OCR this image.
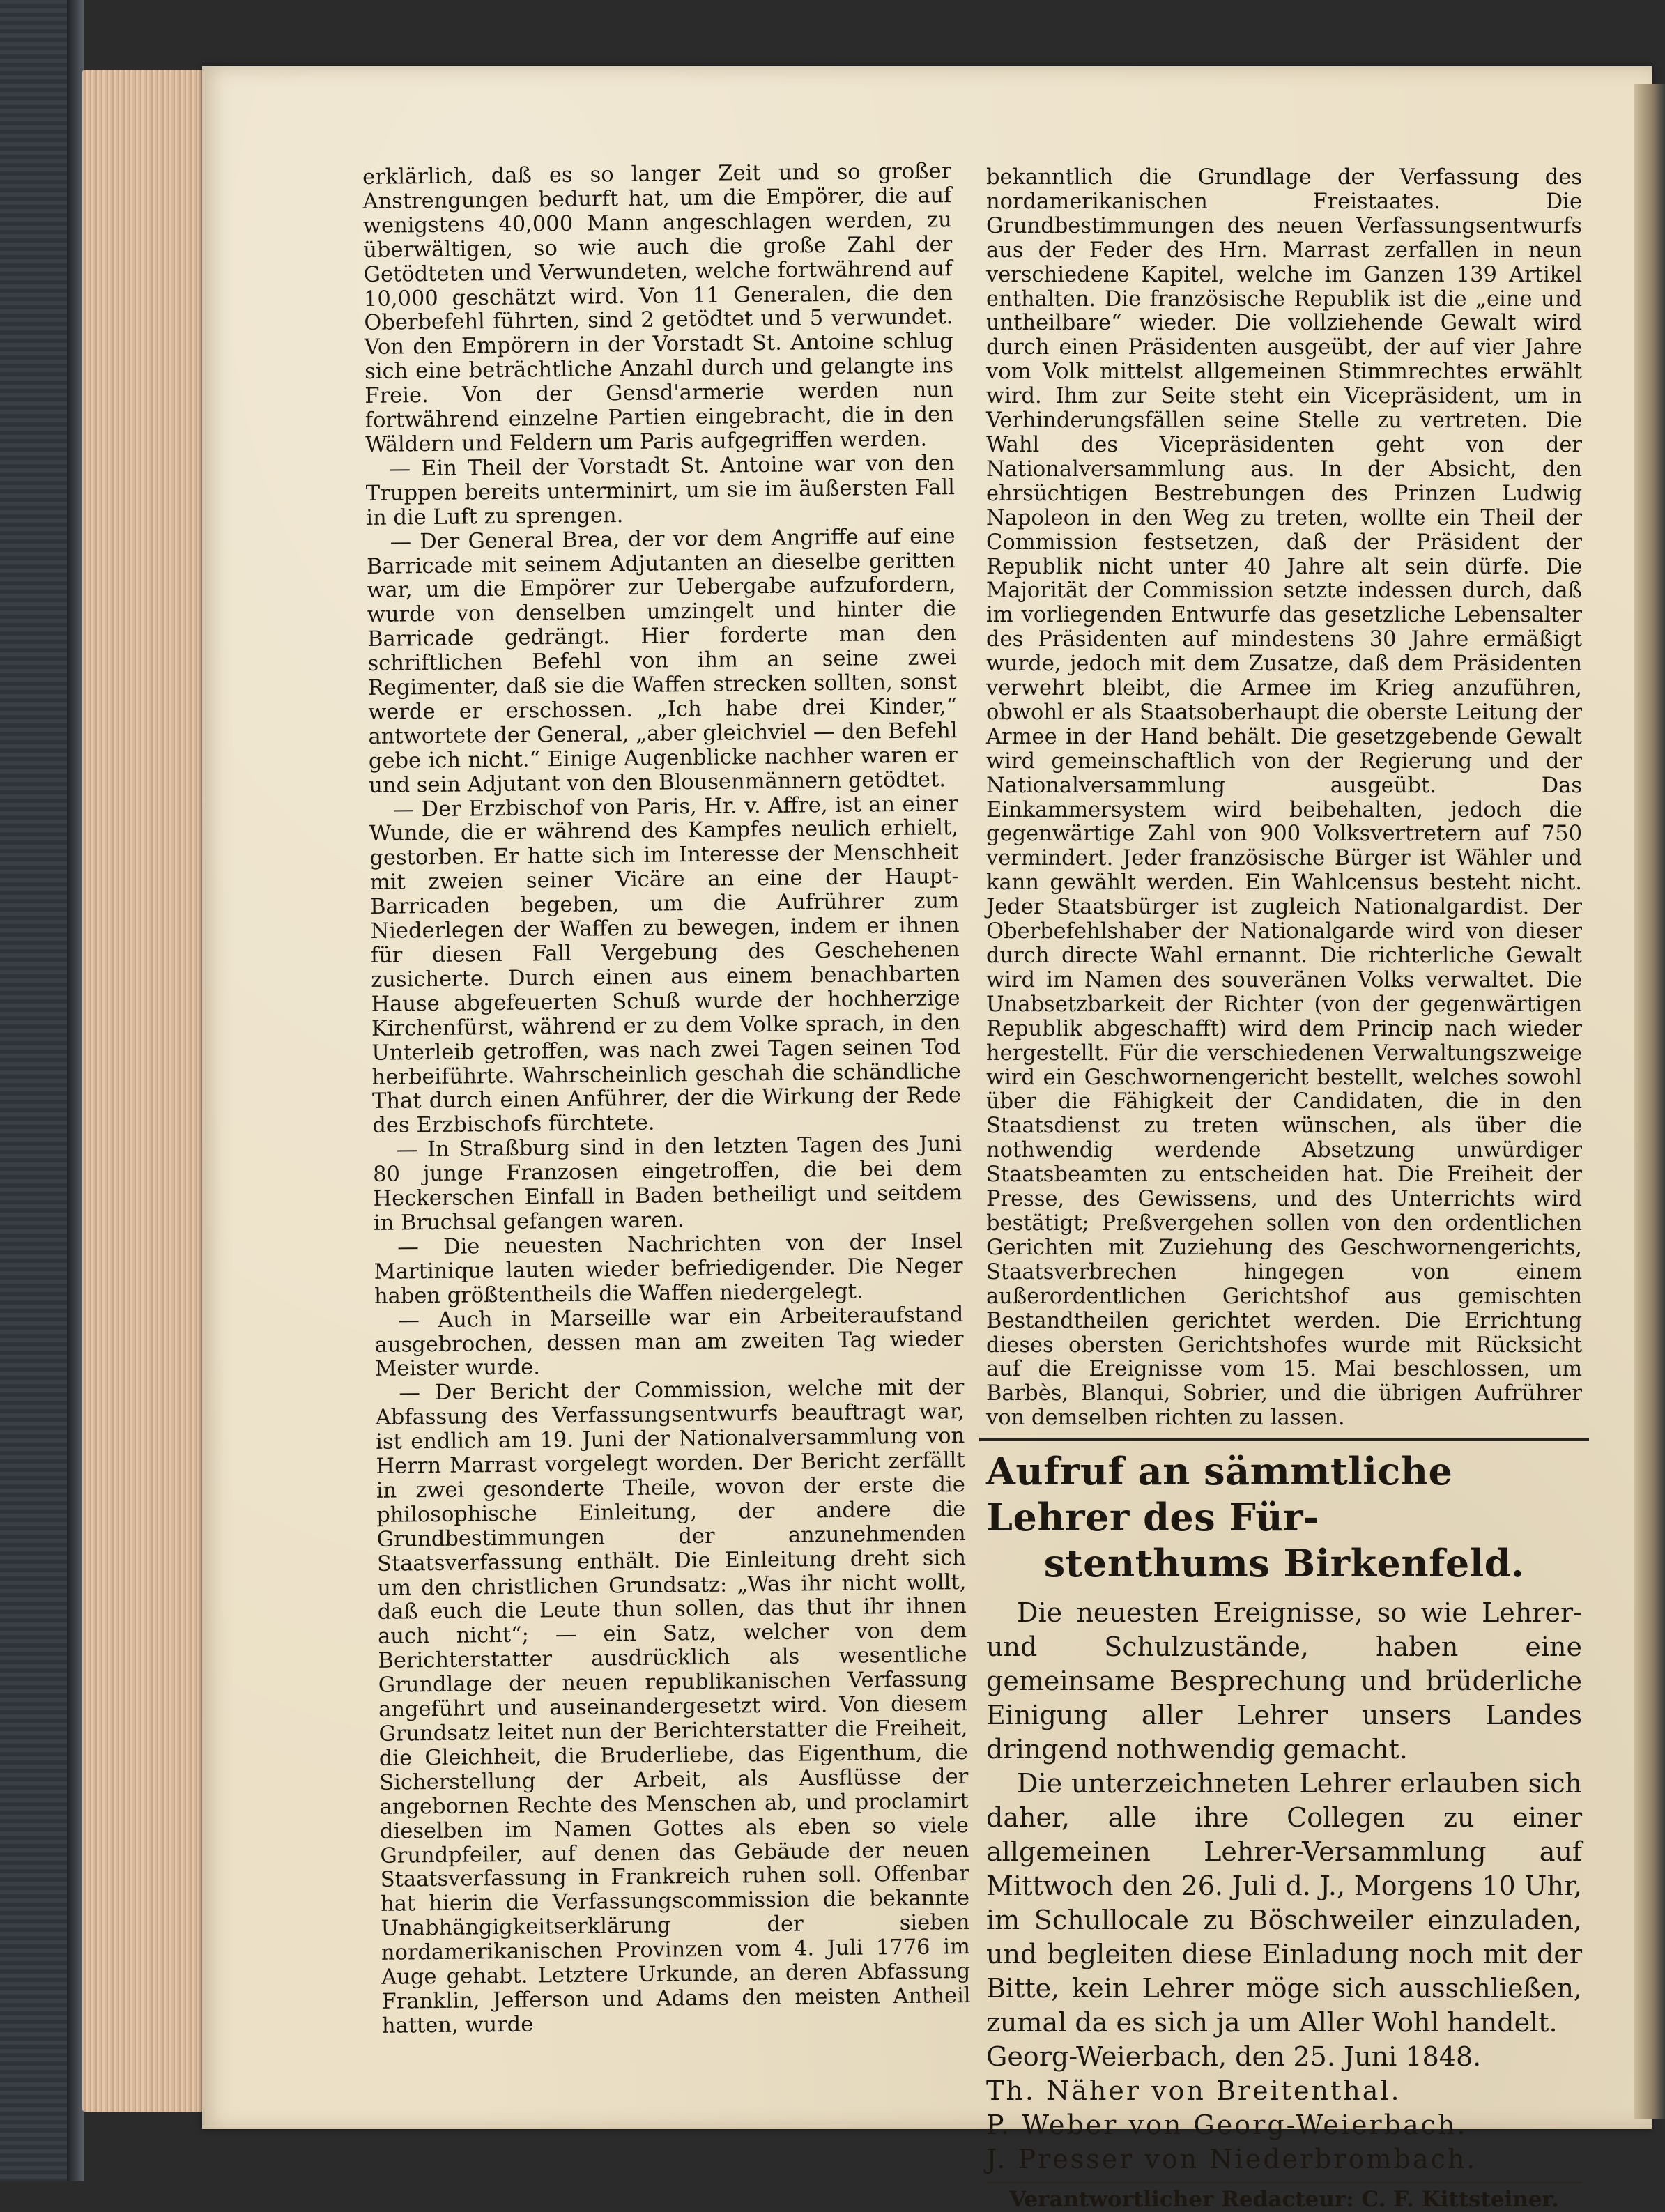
erklärlich, daß es so langer Zeit und so großer Anstrengungen bedurft hat, um die Empörer, die auf wenigstens 40,000 Mann angeschlagen werden, zu überwältigen, so wie auch die große Zahl der Getödteten und Verwundeten, welche fortwährend auf 10,000 geschätzt wird. Von 11 Generalen, die den Oberbefehl führten, sind 2 getödtet und 5 verwundet. Von den Empörern in der Vorstadt St. Antoine schlug sich eine beträchtliche Anzahl durch und gelangte ins Freie. Von der Gensd'armerie werden nun fortwährend einzelne Partien eingebracht, die in den Wäldern und Feldern um Paris aufgegriffen werden.

— Ein Theil der Vorstadt St. Antoine war von den Truppen bereits unterminirt, um sie im äußersten Fall in die Luft zu sprengen.

— Der General Brea, der vor dem Angriffe auf eine Barricade mit seinem Adjutanten an dieselbe geritten war, um die Empörer zur Uebergabe aufzufordern, wurde von denselben umzingelt und hinter die Barricade gedrängt. Hier forderte man den schriftlichen Befehl von ihm an seine zwei Regimenter, daß sie die Waffen strecken sollten, sonst werde er erschossen. „Ich habe drei Kinder,“ antwortete der General, „aber gleichviel — den Befehl gebe ich nicht.“ Einige Augenblicke nachher waren er und sein Adjutant von den Blousenmännern getödtet.

— Der Erzbischof von Paris, Hr. v. Affre, ist an einer Wunde, die er während des Kampfes neulich erhielt, gestorben. Er hatte sich im Interesse der Menschheit mit zweien seiner Vicäre an eine der Haupt-Barricaden begeben, um die Aufrührer zum Niederlegen der Waffen zu bewegen, indem er ihnen für diesen Fall Vergebung des Geschehenen zusicherte. Durch einen aus einem benachbarten Hause abgefeuerten Schuß wurde der hochherzige Kirchenfürst, während er zu dem Volke sprach, in den Unterleib getroffen, was nach zwei Tagen seinen Tod herbeiführte. Wahrscheinlich geschah die schändliche That durch einen Anführer, der die Wirkung der Rede des Erzbischofs fürchtete.

— In Straßburg sind in den letzten Tagen des Juni 80 junge Franzosen eingetroffen, die bei dem Heckerschen Einfall in Baden betheiligt und seitdem in Bruchsal gefangen waren.

— Die neuesten Nachrichten von der Insel Martinique lauten wieder befriedigender. Die Neger haben größtentheils die Waffen niedergelegt.

— Auch in Marseille war ein Arbeiteraufstand ausgebrochen, dessen man am zweiten Tag wieder Meister wurde.

— Der Bericht der Commission, welche mit der Abfassung des Verfassungsentwurfs beauftragt war, ist endlich am 19. Juni der Nationalversammlung von Herrn Marrast vorgelegt worden. Der Bericht zerfällt in zwei gesonderte Theile, wovon der erste die philosophische Einleitung, der andere die Grundbestimmungen der anzunehmenden Staatsverfassung enthält. Die Einleitung dreht sich um den christlichen Grundsatz: „Was ihr nicht wollt, daß euch die Leute thun sollen, das thut ihr ihnen auch nicht“; — ein Satz, welcher von dem Berichterstatter ausdrücklich als wesentliche Grundlage der neuen republikanischen Verfassung angeführt und auseinandergesetzt wird. Von diesem Grundsatz leitet nun der Berichterstatter die Freiheit, die Gleichheit, die Bruderliebe, das Eigenthum, die Sicherstellung der Arbeit, als Ausflüsse der angebornen Rechte des Menschen ab, und proclamirt dieselben im Namen Gottes als eben so viele Grundpfeiler, auf denen das Gebäude der neuen Staatsverfassung in Frankreich ruhen soll. Offenbar hat hierin die Verfassungscommission die bekannte Unabhängigkeitserklärung der sieben nordamerikanischen Provinzen vom 4. Juli 1776 im Auge gehabt. Letztere Urkunde, an deren Abfassung Franklin, Jefferson und Adams den meisten Antheil hatten, wurde

bekanntlich die Grundlage der Verfassung des nordamerikanischen Freistaates. Die Grundbestimmungen des neuen Verfassungsentwurfs aus der Feder des Hrn. Marrast zerfallen in neun verschiedene Kapitel, welche im Ganzen 139 Artikel enthalten. Die französische Republik ist die „eine und untheilbare“ wieder. Die vollziehende Gewalt wird durch einen Präsidenten ausgeübt, der auf vier Jahre vom Volk mittelst allgemeinen Stimmrechtes erwählt wird. Ihm zur Seite steht ein Vicepräsident, um in Verhinderungsfällen seine Stelle zu vertreten. Die Wahl des Vicepräsidenten geht von der Nationalversammlung aus. In der Absicht, den ehrsüchtigen Bestrebungen des Prinzen Ludwig Napoleon in den Weg zu treten, wollte ein Theil der Commission festsetzen, daß der Präsident der Republik nicht unter 40 Jahre alt sein dürfe. Die Majorität der Commission setzte indessen durch, daß im vorliegenden Entwurfe das gesetzliche Lebensalter des Präsidenten auf mindestens 30 Jahre ermäßigt wurde, jedoch mit dem Zusatze, daß dem Präsidenten verwehrt bleibt, die Armee im Krieg anzuführen, obwohl er als Staatsoberhaupt die oberste Leitung der Armee in der Hand behält. Die gesetzgebende Gewalt wird gemeinschaftlich von der Regierung und der Nationalversammlung ausgeübt. Das Einkammersystem wird beibehalten, jedoch die gegenwärtige Zahl von 900 Volksvertretern auf 750 vermindert. Jeder französische Bürger ist Wähler und kann gewählt werden. Ein Wahlcensus besteht nicht. Jeder Staatsbürger ist zugleich Nationalgardist. Der Oberbefehlshaber der Nationalgarde wird von dieser durch directe Wahl ernannt. Die richterliche Gewalt wird im Namen des souveränen Volks verwaltet. Die Unabsetzbarkeit der Richter (von der gegenwärtigen Republik abgeschafft) wird dem Princip nach wieder hergestellt. Für die verschiedenen Verwaltungszweige wird ein Geschwornengericht bestellt, welches sowohl über die Fähigkeit der Candidaten, die in den Staatsdienst zu treten wünschen, als über die nothwendig werdende Absetzung unwürdiger Staatsbeamten zu entscheiden hat. Die Freiheit der Presse, des Gewissens, und des Unterrichts wird bestätigt; Preßvergehen sollen von den ordentlichen Gerichten mit Zuziehung des Geschwornengerichts, Staatsverbrechen hingegen von einem außerordentlichen Gerichtshof aus gemischten Bestandtheilen gerichtet werden. Die Errichtung dieses obersten Gerichtshofes wurde mit Rücksicht auf die Ereignisse vom 15. Mai beschlossen, um Barbès, Blanqui, Sobrier, und die übrigen Aufrührer von demselben richten zu lassen.

Aufruf an sämmtliche Lehrer des Für-
stenthums Birkenfeld.

Die neuesten Ereignisse, so wie Lehrer- und Schulzustände, haben eine gemeinsame Besprechung und brüderliche Einigung aller Lehrer unsers Landes dringend nothwendig gemacht.

Die unterzeichneten Lehrer erlauben sich daher, alle ihre Collegen zu einer allgemeinen Lehrer-Versammlung auf Mittwoch den 26. Juli d. J., Morgens 10 Uhr, im Schullocale zu Böschweiler einzuladen, und begleiten diese Einladung noch mit der Bitte, kein Lehrer möge sich ausschließen, zumal da es sich ja um Aller Wohl handelt.

Georg-Weierbach, den 25. Juni 1848.

Th. Näher von Breitenthal.

P. Weber von Georg-Weierbach.

J. Presser von Niederbrombach.

Verantwortlicher Redacteur: C. F. Kittsteiner.
